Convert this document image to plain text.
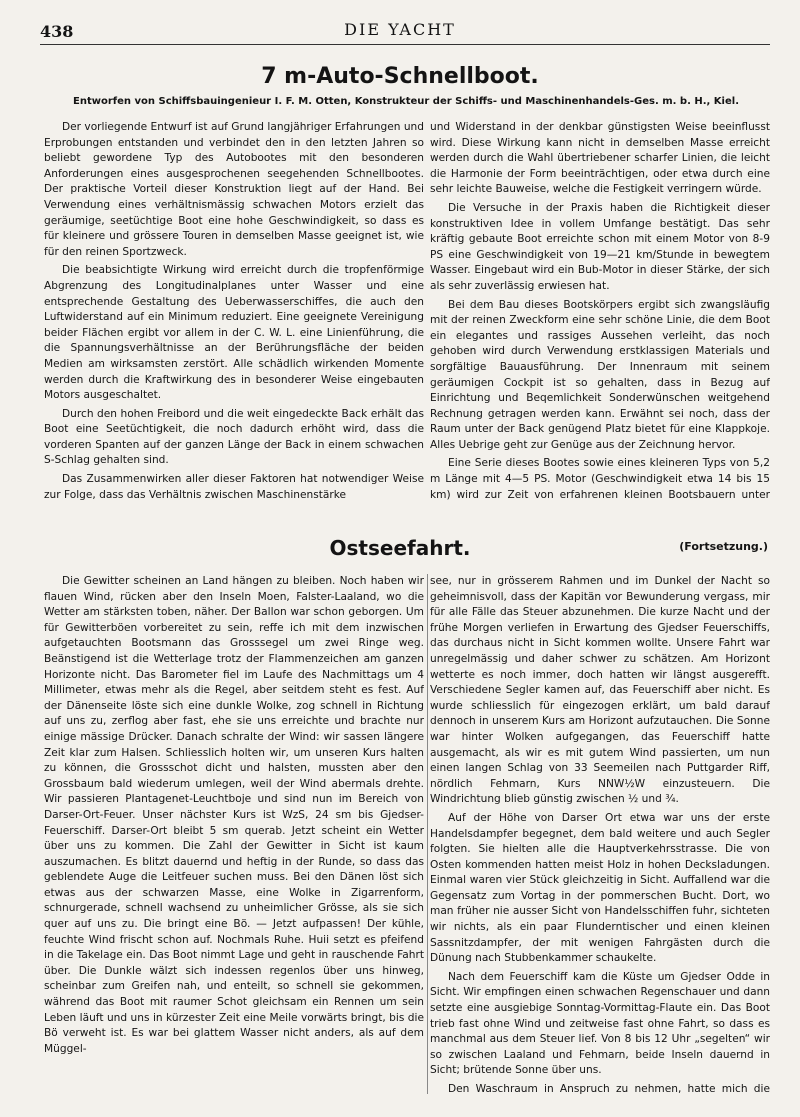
438	DIE YACHT
7 m-Auto-Schnellboot.
Entworfen von Schiffsbauingenieur I. F. M. Otten, Konstrukteur der Schiffs- und Maschinenhandels-Ges. m. b. H., Kiel.

Der vorliegende Entwurf ist auf Grund langjähriger Erfahrungen und Erprobungen entstanden und verbindet den in den letzten Jahren so beliebt gewordene Typ des Autobootes mit den besonderen Anforderungen eines ausgesprochenen seegehenden Schnellbootes. Der praktische Vorteil dieser Konstruktion liegt auf der Hand. Bei Verwendung eines verhältnismässig schwachen Motors erzielt das geräumige, seetüchtige Boot eine hohe Geschwindigkeit, so dass es für kleinere und grössere Touren in demselben Masse geeignet ist, wie für den reinen Sportzweck.

Die beabsichtigte Wirkung wird erreicht durch die tropfenförmige Abgrenzung des Longitudinalplanes unter Wasser und eine entsprechende Gestaltung des Ueberwasserschiffes, die auch den Luftwiderstand auf ein Minimum reduziert. Eine geeignete Vereinigung beider Flächen ergibt vor allem in der C. W. L. eine Linienführung, die die Spannungsverhältnisse an der Berührungsfläche der beiden Medien am wirksamsten zerstört. Alle schädlich wirkenden Momente werden durch die Kraftwirkung des in besonderer Weise eingebauten Motors ausgeschaltet.

Durch den hohen Freibord und die weit eingedeckte Back erhält das Boot eine Seetüchtigkeit, die noch dadurch erhöht wird, dass die vorderen Spanten auf der ganzen Länge der Back in einem schwachen S-Schlag gehalten sind.

Das Zusammenwirken aller dieser Faktoren hat notwendiger Weise zur Folge, dass das Verhältnis zwischen Maschinenstärke

und Widerstand in der denkbar günstigsten Weise beeinflusst wird. Diese Wirkung kann nicht in demselben Masse erreicht werden durch die Wahl übertriebener scharfer Linien, die leicht die Harmonie der Form beeinträchtigen, oder etwa durch eine sehr leichte Bauweise, welche die Festigkeit verringern würde.

Die Versuche in der Praxis haben die Richtigkeit dieser konstruktiven Idee in vollem Umfange bestätigt. Das sehr kräftig gebaute Boot erreichte schon mit einem Motor von 8-9 PS eine Geschwindigkeit von 19—21 km/Stunde in bewegtem Wasser. Eingebaut wird ein Bub-Motor in dieser Stärke, der sich als sehr zuverlässig erwiesen hat.

Bei dem Bau dieses Bootskörpers ergibt sich zwangsläufig mit der reinen Zweckform eine sehr schöne Linie, die dem Boot ein elegantes und rassiges Aussehen verleiht, das noch gehoben wird durch Verwendung erstklassigen Materials und sorgfältige Bauausführung. Der Innenraum mit seinem geräumigen Cockpit ist so gehalten, dass in Bezug auf Einrichtung und Beqemlichkeit Sonderwünschen weitgehend Rechnung getragen werden kann. Erwähnt sei noch, dass der Raum unter der Back genügend Platz bietet für eine Klappkoje. Alles Uebrige geht zur Genüge aus der Zeichnung hervor.

Eine Serie dieses Bootes sowie eines kleineren Typs von 5,2 m Länge mit 4—5 PS. Motor (Geschwindigkeit etwa 14 bis 15 km) wird zur Zeit von erfahrenen kleinen Bootsbauern unter

Ostseefahrt.	(Fortsetzung.)

Die Gewitter scheinen an Land hängen zu bleiben. Noch haben wir flauen Wind, rücken aber den Inseln Moen, Falster-Laaland, wo die Wetter am stärksten toben, näher. Der Ballon war schon geborgen. Um für Gewitterböen vorbereitet zu sein, reffe ich mit dem inzwischen aufgetauchten Bootsmann das Grosssegel um zwei Ringe weg. Beänstigend ist die Wetterlage trotz der Flammenzeichen am ganzen Horizonte nicht. Das Barometer fiel im Laufe des Nachmittags um 4 Millimeter, etwas mehr als die Regel, aber seitdem steht es fest. Auf der Dänenseite löste sich eine dunkle Wolke, zog schnell in Richtung auf uns zu, zerflog aber fast, ehe sie uns erreichte und brachte nur einige mässige Drücker. Danach schralte der Wind: wir sassen längere Zeit klar zum Halsen. Schliesslich holten wir, um unseren Kurs halten zu können, die Grossschot dicht und halsten, mussten aber den Grossbaum bald wiederum umlegen, weil der Wind abermals drehte. Wir passieren Plantagenet-Leuchtboje und sind nun im Bereich von Darser-Ort-Feuer. Unser nächster Kurs ist WzS, 24 sm bis Gjedser-Feuerschiff. Darser-Ort bleibt 5 sm querab. Jetzt scheint ein Wetter über uns zu kommen. Die Zahl der Gewitter in Sicht ist kaum auszumachen. Es blitzt dauernd und heftig in der Runde, so dass das geblendete Auge die Leitfeuer suchen muss. Bei den Dänen löst sich etwas aus der schwarzen Masse, eine Wolke in Zigarrenform, schnurgerade, schnell wachsend zu unheimlicher Grösse, als sie sich quer auf uns zu. Die bringt eine Bö. — Jetzt aufpassen! Der kühle, feuchte Wind frischt schon auf. Nochmals Ruhe. Huii setzt es pfeifend in die Takelage ein. Das Boot nimmt Lage und geht in rauschende Fahrt über. Die Dunkle wälzt sich indessen regenlos über uns hinweg, scheinbar zum Greifen nah, und enteilt, so schnell sie gekommen, während das Boot mit raumer Schot gleichsam ein Rennen um sein Leben läuft und uns in kürzester Zeit eine Meile vorwärts bringt, bis die Bö verweht ist. Es war bei glattem Wasser nicht anders, als auf dem Müggel-

see, nur in grösserem Rahmen und im Dunkel der Nacht so geheimnisvoll, dass der Kapitän vor Bewunderung vergass, mir für alle Fälle das Steuer abzunehmen. Die kurze Nacht und der frühe Morgen verliefen in Erwartung des Gjedser Feuerschiffs, das durchaus nicht in Sicht kommen wollte. Unsere Fahrt war unregelmässig und daher schwer zu schätzen. Am Horizont wetterte es noch immer, doch hatten wir längst ausgerefft. Verschiedene Segler kamen auf, das Feuerschiff aber nicht. Es wurde schliesslich für eingezogen erklärt, um bald darauf dennoch in unserem Kurs am Horizont aufzutauchen. Die Sonne war hinter Wolken aufgegangen, das Feuerschiff hatte ausgemacht, als wir es mit gutem Wind passierten, um nun einen langen Schlag von 33 Seemeilen nach Puttgarder Riff, nördlich Fehmarn, Kurs NNW½W einzusteuern. Die Windrichtung blieb günstig zwischen ½ und ¾.

Auf der Höhe von Darser Ort etwa war uns der erste Handelsdampfer begegnet, dem bald weitere und auch Segler folgten. Sie hielten alle die Hauptverkehrsstrasse. Die von Osten kommenden hatten meist Holz in hohen Decksladungen. Einmal waren vier Stück gleichzeitig in Sicht. Auffallend war die Gegensatz zum Vortag in der pommerschen Bucht. Dort, wo man früher nie ausser Sicht von Handelsschiffen fuhr, sichteten wir nichts, als ein paar Flunderntischer und einen kleinen Sassnitzdampfer, der mit wenigen Fahrgästen durch die Dünung nach Stubbenkammer schaukelte.

Nach dem Feuerschiff kam die Küste um Gjedser Odde in Sicht. Wir empfingen einen schwachen Regenschauer und dann setzte eine ausgiebige Sonntag-Vormittag-Flaute ein. Das Boot trieb fast ohne Wind und zeitweise fast ohne Fahrt, so dass es manchmal aus dem Steuer lief. Von 8 bis 12 Uhr „segelten“ wir so zwischen Laaland und Fehmarn, beide Inseln dauernd in Sicht; brütende Sonne über uns.

Den Waschraum in Anspruch zu nehmen, hatte mich die
